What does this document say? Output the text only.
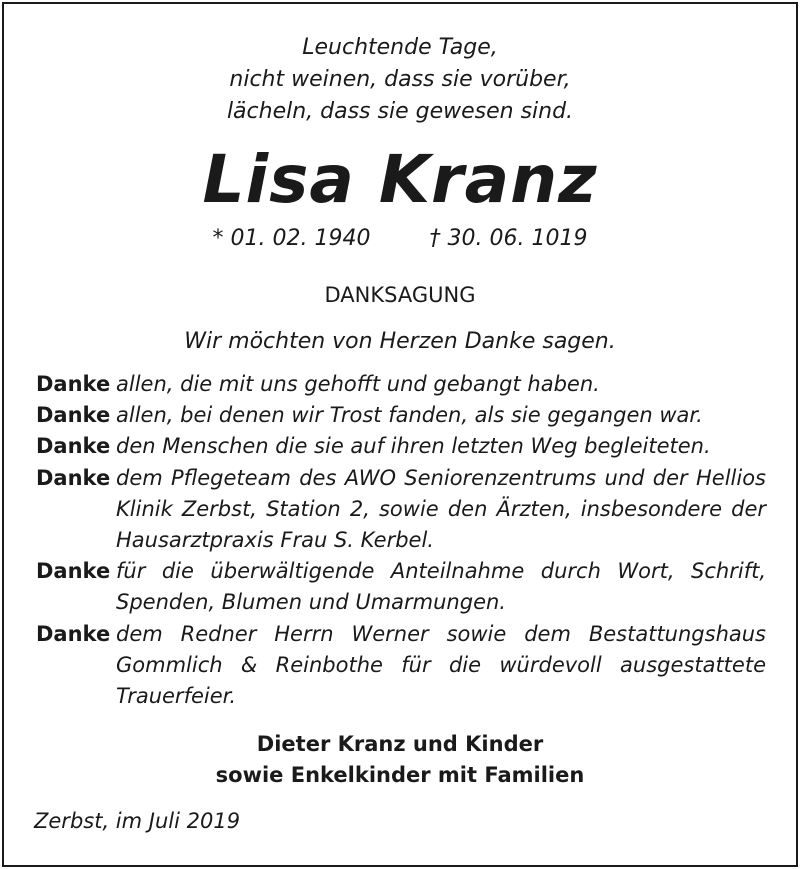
Leuchtende Tage,
nicht weinen, dass sie vorüber,
lächeln, dass sie gewesen sind.
Lisa Kranz
* 01. 02. 1940	† 30. 06. 1019
DANKSAGUNG
Wir möchten von Herzen Danke sagen.
Danke allen, die mit uns gehofft und gebangt haben.
Danke allen, bei denen wir Trost fanden, als sie gegangen war.
Danke den Menschen die sie auf ihren letzten Weg begleiteten.
Danke dem Pflegeteam des AWO Seniorenzentrums und der Hellios
Klinik Zerbst, Station 2, sowie den Ärzten, insbesondere der
Hausarztpraxis Frau S. Kerbel.
Danke für die überwältigende Anteilnahme durch Wort, Schrift,
Spenden, Blumen und Umarmungen.
Danke dem Redner Herrn Werner sowie dem Bestattungshaus
Gommlich & Reinbothe für die würdevoll ausgestattete
Trauerfeier.
Dieter Kranz und Kinder
sowie Enkelkinder mit Familien
Zerbst, im Juli 2019
